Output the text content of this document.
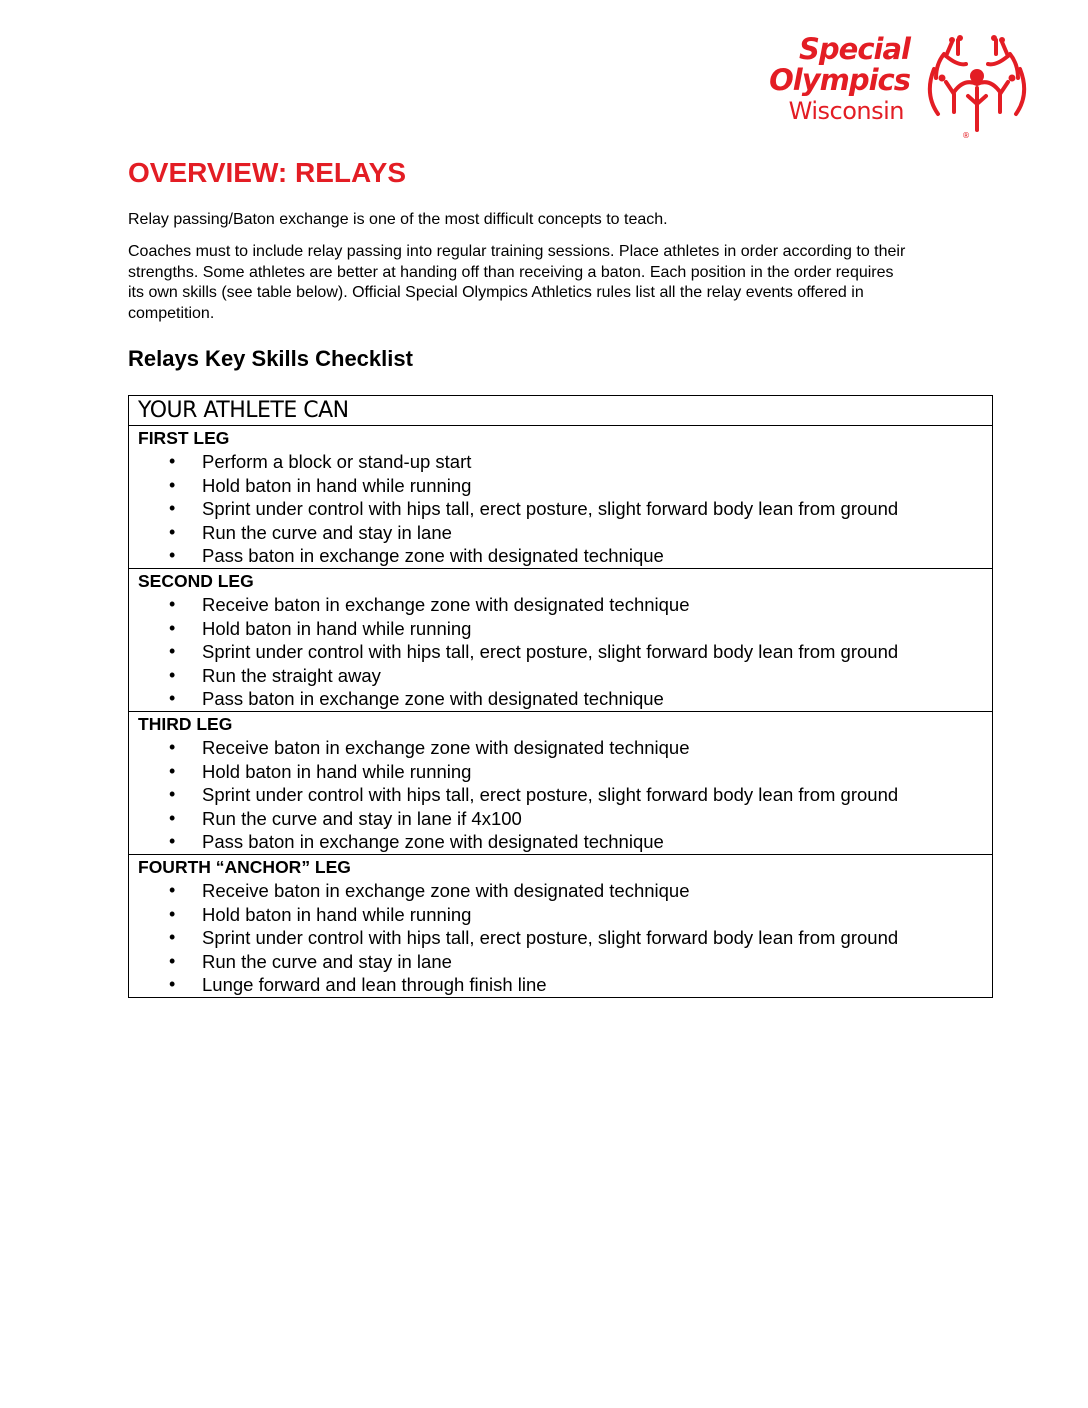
Special
Olympics
Wisconsin
®
OVERVIEW: RELAYS

Relay passing/Baton exchange is one of the most difficult concepts to teach.

Coaches must to include relay passing into regular training sessions. Place athletes in order according to their strengths. Some athletes are better at handing off than receiving a baton. Each position in the order requires its own skills (see table below). Official Special Olympics Athletics rules list all the relay events offered in competition.

Relays Key Skills Checklist
YOUR ATHLETE CAN

FIRST LEG
• Perform a block or stand-up start
• Hold baton in hand while running
• Sprint under control with hips tall, erect posture, slight forward body lean from ground
• Run the curve and stay in lane
• Pass baton in exchange zone with designated technique

SECOND LEG
• Receive baton in exchange zone with designated technique
• Hold baton in hand while running
• Sprint under control with hips tall, erect posture, slight forward body lean from ground
• Run the straight away
• Pass baton in exchange zone with designated technique

THIRD LEG
• Receive baton in exchange zone with designated technique
• Hold baton in hand while running
• Sprint under control with hips tall, erect posture, slight forward body lean from ground
• Run the curve and stay in lane if 4x100
• Pass baton in exchange zone with designated technique

FOURTH “ANCHOR” LEG
• Receive baton in exchange zone with designated technique
• Hold baton in hand while running
• Sprint under control with hips tall, erect posture, slight forward body lean from ground
• Run the curve and stay in lane
• Lunge forward and lean through finish line
